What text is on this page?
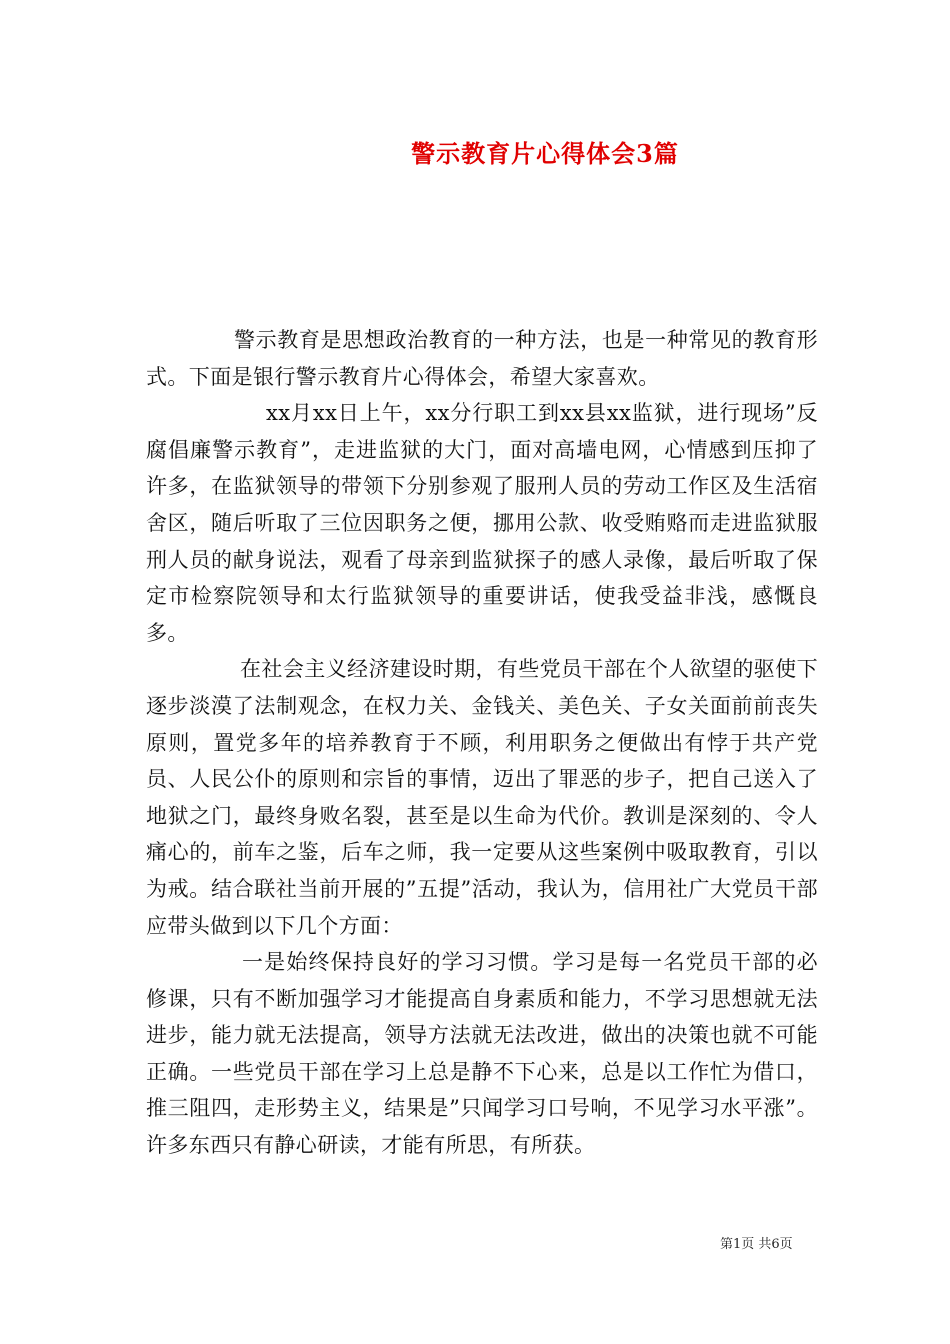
警示教育片心得体会3篇

警示教育是思想政治教育的一种方法，也是一种常见的教育形式。下面是银行警示教育片心得体会，希望大家喜欢。

xx月xx日上午，xx分行职工到xx县xx监狱，进行现场”反腐倡廉警示教育”，走进监狱的大门，面对高墙电网，心情感到压抑了许多，在监狱领导的带领下分别参观了服刑人员的劳动工作区及生活宿舍区，随后听取了三位因职务之便，挪用公款、收受贿赂而走进监狱服刑人员的献身说法，观看了母亲到监狱探子的感人录像，最后听取了保定市检察院领导和太行监狱领导的重要讲话，使我受益非浅，感慨良多。

在社会主义经济建设时期，有些党员干部在个人欲望的驱使下逐步淡漠了法制观念，在权力关、金钱关、美色关、子女关面前前丧失原则，置党多年的培养教育于不顾，利用职务之便做出有悖于共产党员、人民公仆的原则和宗旨的事情，迈出了罪恶的步子，把自己送入了地狱之门，最终身败名裂，甚至是以生命为代价。教训是深刻的、令人痛心的，前车之鉴，后车之师，我一定要从这些案例中吸取教育，引以为戒。结合联社当前开展的”五提”活动，我认为，信用社广大党员干部应带头做到以下几个方面：

一是始终保持良好的学习习惯。学习是每一名党员干部的必修课，只有不断加强学习才能提高自身素质和能力，不学习思想就无法进步，能力就无法提高，领导方法就无法改进，做出的决策也就不可能正确。一些党员干部在学习上总是静不下心来，总是以工作忙为借口，推三阻四，走形势主义，结果是”只闻学习口号响，不见学习水平涨”。许多东西只有静心研读，才能有所思，有所获。

第1页 共6页
